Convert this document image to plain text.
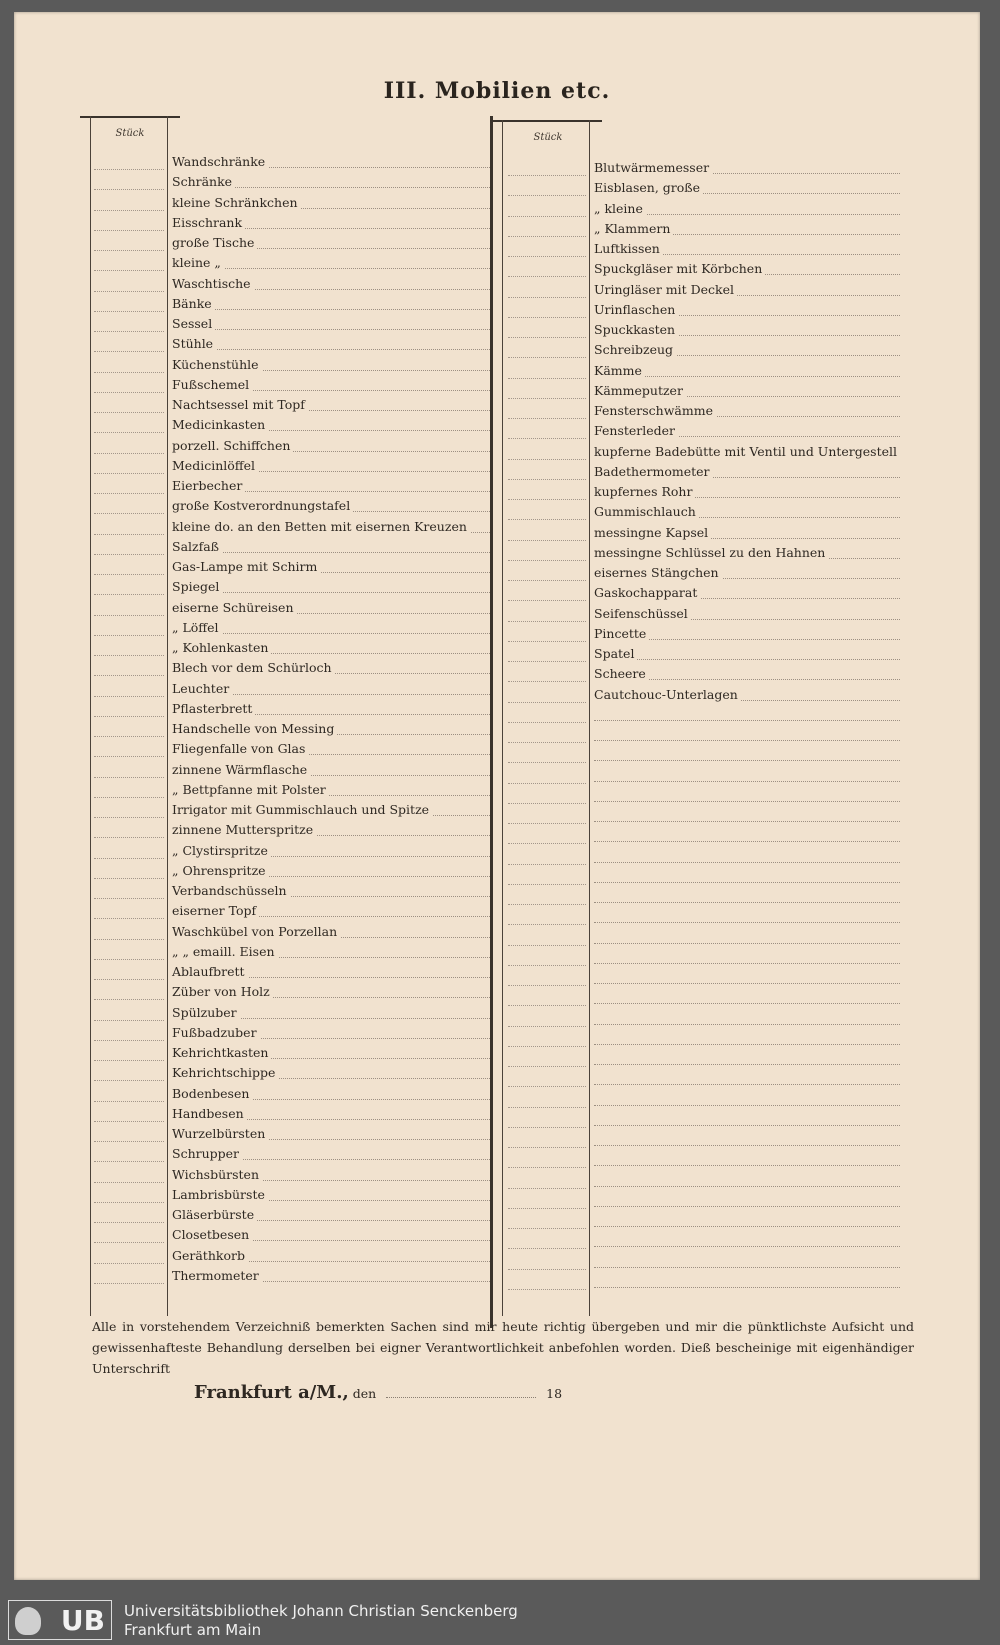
III. Mobilien etc.
Stück
Wandschränke
Schränke
kleine Schränkchen
Eisschrank
große Tische
kleine „
Waschtische
Bänke
Sessel
Stühle
Küchenstühle
Fußschemel
Nachtsessel mit Topf
Medicinkasten
porzell. Schiffchen
Medicinlöffel
Eierbecher
große Kostverordnungstafel
kleine do. an den Betten mit eisernen Kreuzen
Salzfaß
Gas-Lampe mit Schirm
Spiegel
eiserne Schüreisen
„ Löffel
„ Kohlenkasten
Blech vor dem Schürloch
Leuchter
Pflasterbrett
Handschelle von Messing
Fliegenfalle von Glas
zinnene Wärmflasche
„ Bettpfanne mit Polster
Irrigator mit Gummischlauch und Spitze
zinnene Mutterspritze
„ Clystirspritze
„ Ohrenspritze
Verbandschüsseln
eiserner Topf
Waschkübel von Porzellan
„ „ emaill. Eisen
Ablaufbrett
Züber von Holz
Spülzuber
Fußbadzuber
Kehrichtkasten
Kehrichtschippe
Bodenbesen
Handbesen
Wurzelbürsten
Schrupper
Wichsbürsten
Lambrisbürste
Gläserbürste
Closetbesen
Geräthkorb
Thermometer
Stück
Blutwärmemesser
Eisblasen, große
„ kleine
„ Klammern
Luftkissen
Spuckgläser mit Körbchen
Uringläser mit Deckel
Urinflaschen
Spuckkasten
Schreibzeug
Kämme
Kämmeputzer
Fensterschwämme
Fensterleder
kupferne Badebütte mit Ventil und Untergestell
Badethermometer
kupfernes Rohr
Gummischlauch
messingne Kapsel
messingne Schlüssel zu den Hahnen
eisernes Stängchen
Gaskochapparat
Seifenschüssel
Pincette
Spatel
Scheere
Cautchouc-Unterlagen
Alle in vorstehendem Verzeichniß bemerkten Sachen sind mir heute richtig übergeben und mir die pünktlichste Aufsicht und gewissenhafteste Behandlung derselben bei eigner Verantwortlichkeit anbefohlen worden. Dieß bescheinige mit eigenhändiger Unterschrift
Frankfurt a/M., den	18
UB	Universitätsbibliothek Johann Christian Senckenberg
Frankfurt am Main
